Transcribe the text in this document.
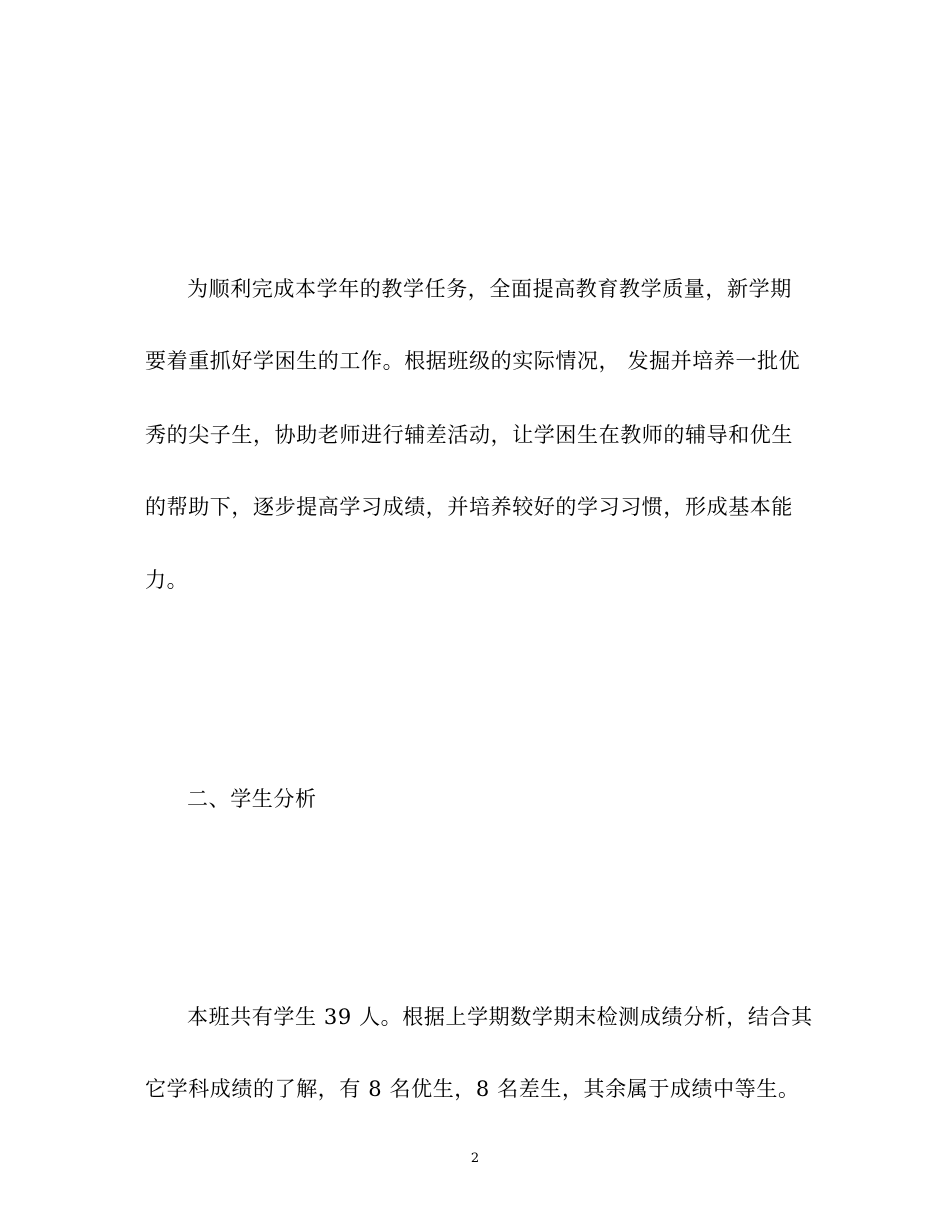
为顺利完成本学年的教学任务，全面提高教育教学质量，新学期
要着重抓好学困生的工作。根据班级的实际情况， 发掘并培养一批优
秀的尖子生，协助老师进行辅差活动，让学困生在教师的辅导和优生
的帮助下，逐步提高学习成绩，并培养较好的学习习惯，形成基本能
力。
二、学生分析
本班共有学生 39 人。根据上学期数学期末检测成绩分析，结合其
它学科成绩的了解，有 8 名优生，8 名差生，其余属于成绩中等生。
2
